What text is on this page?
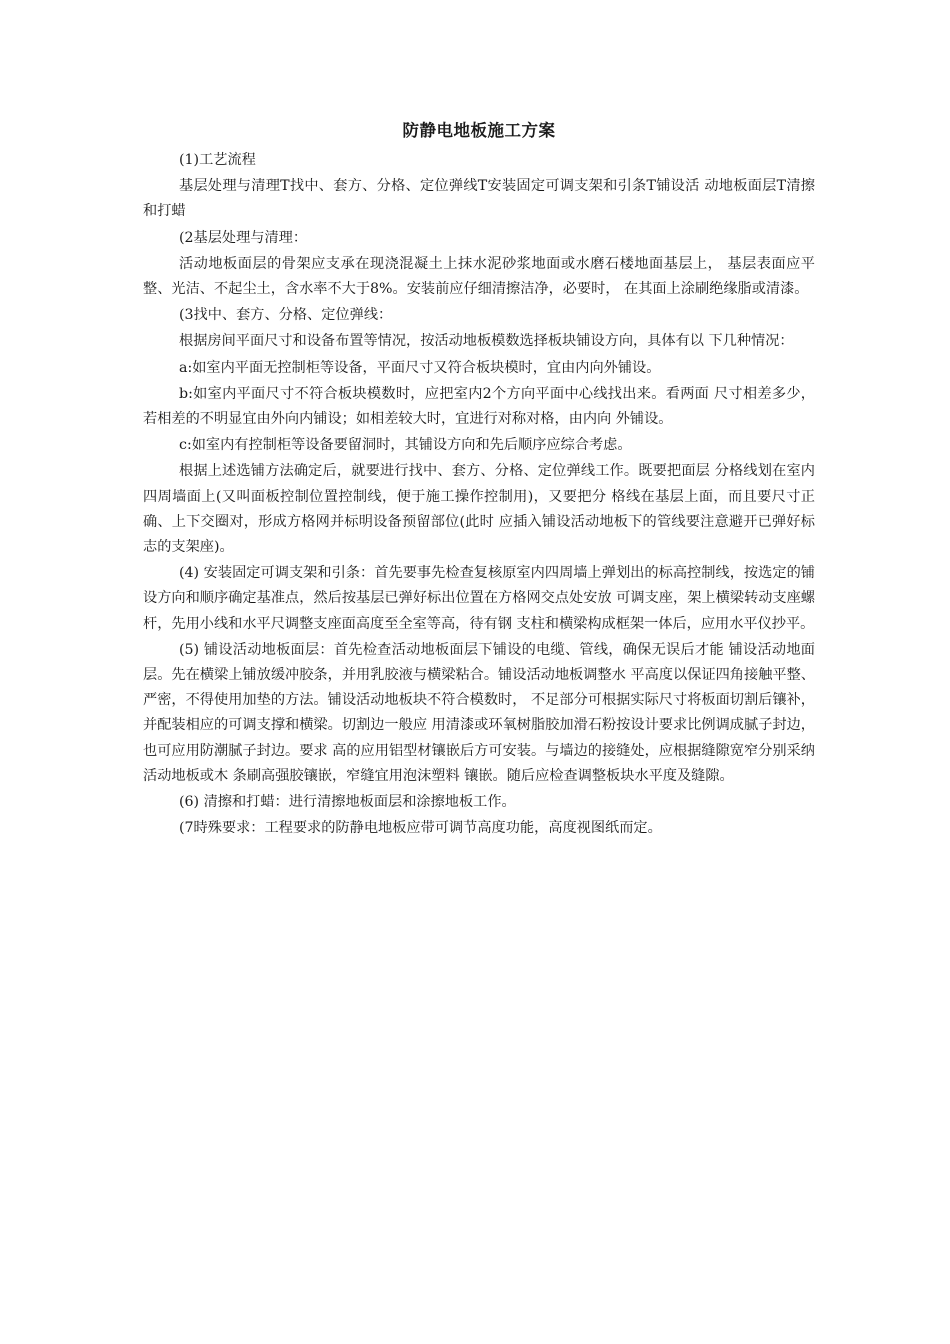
防静电地板施工方案

(1)工艺流程

基层处理与清理T找中、套方、分格、定位弹线T安装固定可调支架和引条T铺设活 动地板面层T清擦和打蜡

(2基层处理与清理：

活动地板面层的骨架应支承在现浇混凝土上抹水泥砂浆地面或水磨石楼地面基层上， 基层表面应平整、光洁、不起尘土，含水率不大于8%。安装前应仔细清擦洁净，必要时， 在其面上涂刷绝缘脂或清漆。

(3找中、套方、分格、定位弹线：

根据房间平面尺寸和设备布置等情况，按活动地板模数选择板块铺设方向，具体有以 下几种情况：

a:如室内平面无控制柜等设备，平面尺寸又符合板块模时，宜由内向外铺设。

b:如室内平面尺寸不符合板块模数时，应把室内2个方向平面中心线找出来。看两面 尺寸相差多少，若相差的不明显宜由外向内铺设；如相差较大时，宜进行对称对格，由内向 外铺设。

c:如室内有控制柜等设备要留洞时，其铺设方向和先后顺序应综合考虑。

根据上述选铺方法确定后，就要进行找中、套方、分格、定位弹线工作。既要把面层 分格线划在室内四周墙面上(又叫面板控制位置控制线，便于施工操作控制用)，又要把分 格线在基层上面，而且要尺寸正确、上下交圈对，形成方格网并标明设备预留部位(此时 应插入铺设活动地板下的管线要注意避开已弹好标志的支架座)。

(4) 安装固定可调支架和引条：首先要事先检查复核原室内四周墙上弹划出的标高控制线，按选定的铺设方向和顺序确定基准点，然后按基层已弹好标出位置在方格网交点处安放 可调支座，架上横梁转动支座螺杆，先用小线和水平尺调整支座面高度至全室等高，待有钢 支柱和横梁构成框架一体后，应用水平仪抄平。

(5) 铺设活动地板面层：首先检查活动地板面层下铺设的电缆、管线，确保无误后才能 铺设活动地面层。先在横梁上铺放缓冲胶条，并用乳胶液与横梁粘合。铺设活动地板调整水 平高度以保证四角接触平整、严密，不得使用加垫的方法。铺设活动地板块不符合模数时， 不足部分可根据实际尺寸将板面切割后镶补，并配装相应的可调支撑和横梁。切割边一般应 用清漆或环氧树脂胶加滑石粉按设计要求比例调成腻子封边，也可应用防潮腻子封边。要求 高的应用铝型材镶嵌后方可安装。与墙边的接缝处，应根据缝隙宽窄分别采纳活动地板或木 条刷高强胶镶嵌，窄缝宜用泡沫塑料 镶嵌。随后应检查调整板块水平度及缝隙。

(6) 清擦和打蜡：进行清擦地板面层和涂擦地板工作。

(7時殊要求：工程要求的防静电地板应带可调节高度功能，高度视图纸而定。
